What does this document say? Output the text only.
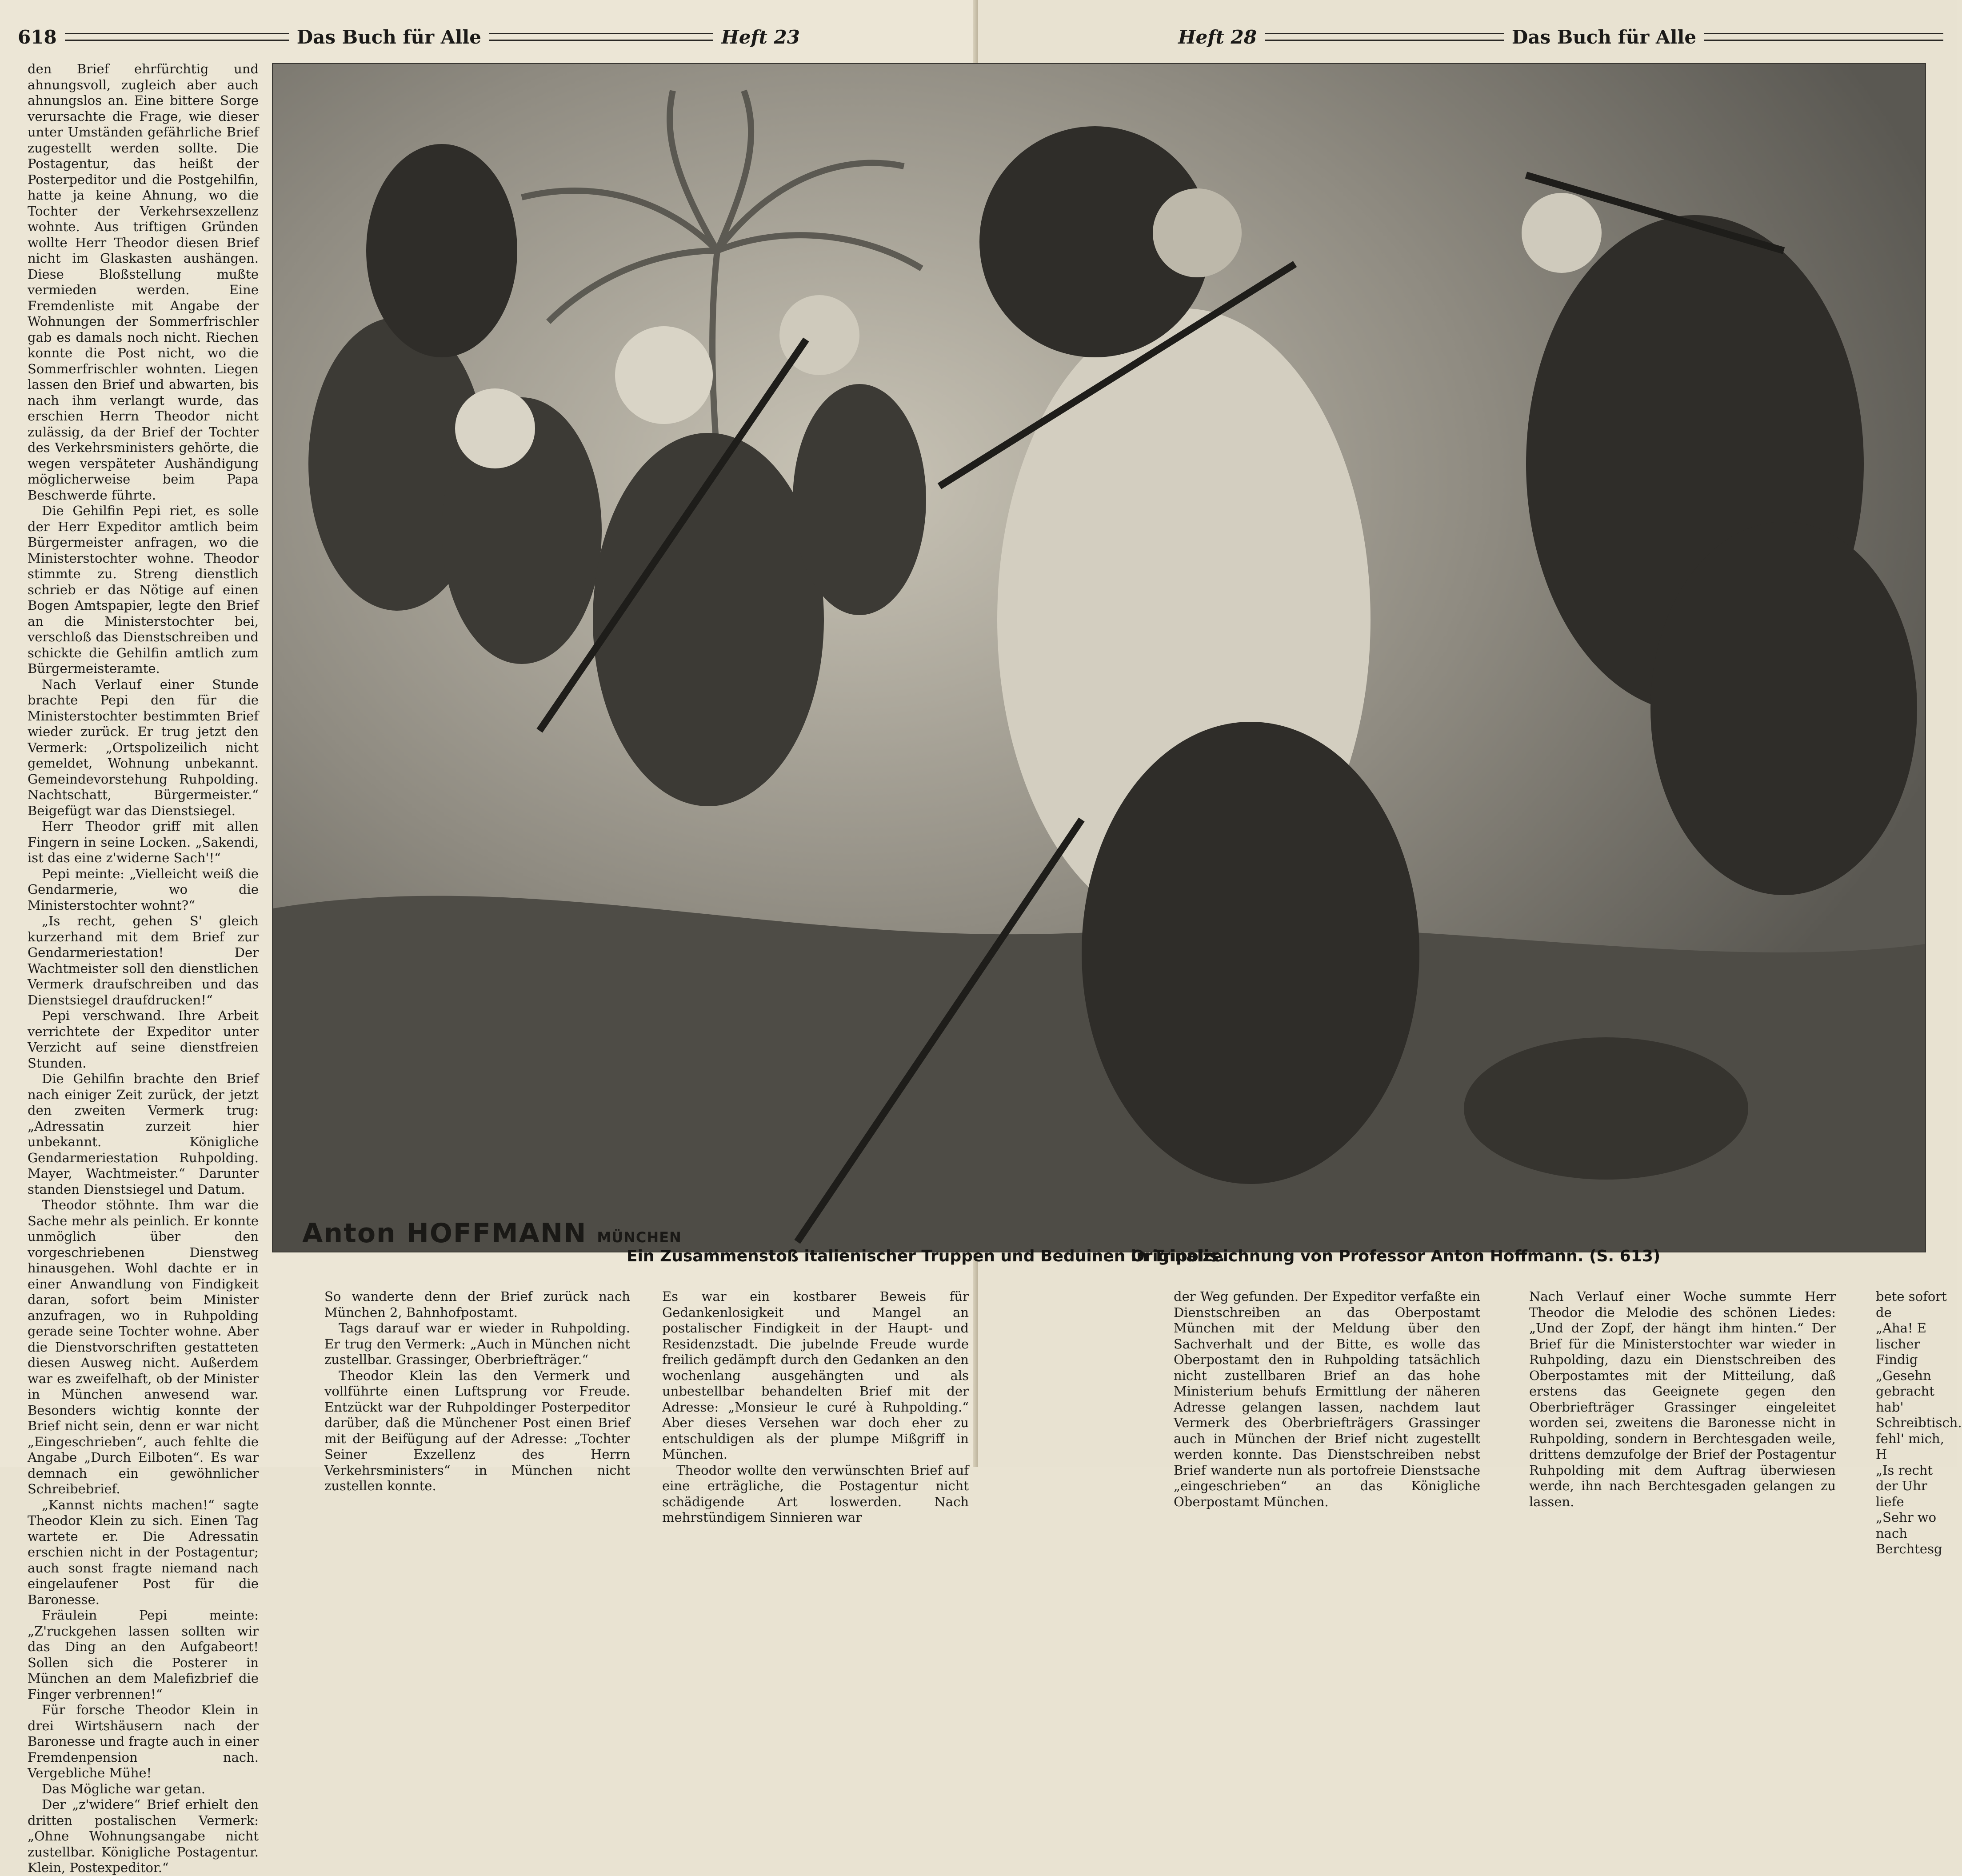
618	Das Buch für Alle	Heft 23

den Brief ehrfürchtig und ahnungsvoll, zugleich aber auch ahnungslos an. Eine bittere Sorge verursachte die Frage, wie dieser unter Umständen gefährliche Brief zugestellt werden sollte. Die Postagentur, das heißt der Posterpeditor und die Postgehilfin, hatte ja keine Ahnung, wo die Tochter der Verkehrsexzellenz wohnte. Aus triftigen Gründen wollte Herr Theodor diesen Brief nicht im Glaskasten aushängen. Diese Bloßstellung mußte vermieden werden. Eine Fremdenliste mit Angabe der Wohnungen der Sommerfrischler gab es damals noch nicht. Riechen konnte die Post nicht, wo die Sommerfrischler wohnten. Liegen lassen den Brief und abwarten, bis nach ihm verlangt wurde, das erschien Herrn Theodor nicht zulässig, da der Brief der Tochter des Verkehrsministers gehörte, die wegen verspäteter Aushändigung möglicherweise beim Papa Beschwerde führte.

Die Gehilfin Pepi riet, es solle der Herr Expeditor amtlich beim Bürgermeister anfragen, wo die Ministerstochter wohne. Theodor stimmte zu. Streng dienstlich schrieb er das Nötige auf einen Bogen Amtspapier, legte den Brief an die Ministerstochter bei, verschloß das Dienstschreiben und schickte die Gehilfin amtlich zum Bürgermeisteramte.

Nach Verlauf einer Stunde brachte Pepi den für die Ministerstochter bestimmten Brief wieder zurück. Er trug jetzt den Vermerk: „Ortspolizeilich nicht gemeldet, Wohnung unbekannt. Gemeindevorstehung Ruhpolding. Nachtschatt, Bürgermeister.“ Beigefügt war das Dienstsiegel.

Herr Theodor griff mit allen Fingern in seine Locken. „Sakendi, ist das eine z'widerne Sach'!“

Pepi meinte: „Vielleicht weiß die Gendarmerie, wo die Ministerstochter wohnt?“

„Is recht, gehen S' gleich kurzerhand mit dem Brief zur Gendarmeriestation! Der Wachtmeister soll den dienstlichen Vermerk draufschreiben und das Dienstsiegel draufdrucken!“

Pepi verschwand. Ihre Arbeit verrichtete der Expeditor unter Verzicht auf seine dienstfreien Stunden.

Die Gehilfin brachte den Brief nach einiger Zeit zurück, der jetzt den zweiten Vermerk trug: „Adressatin zurzeit hier unbekannt. Königliche Gendarmeriestation Ruhpolding. Mayer, Wachtmeister.“ Darunter standen Dienstsiegel und Datum.

Theodor stöhnte. Ihm war die Sache mehr als peinlich. Er konnte unmöglich über den vorgeschriebenen Dienstweg hinausgehen. Wohl dachte er in einer Anwandlung von Findigkeit daran, sofort beim Minister anzufragen, wo in Ruhpolding gerade seine Tochter wohne. Aber die Dienstvorschriften gestatteten diesen Ausweg nicht. Außerdem war es zweifelhaft, ob der Minister in München anwesend war. Besonders wichtig konnte der Brief nicht sein, denn er war nicht „Eingeschrieben“, auch fehlte die Angabe „Durch Eilboten“. Es war demnach ein gewöhnlicher Schreibebrief.

„Kannst nichts machen!“ sagte Theodor Klein zu sich. Einen Tag wartete er. Die Adressatin erschien nicht in der Postagentur; auch sonst fragte niemand nach eingelaufener Post für die Baronesse.

Fräulein Pepi meinte: „Z'ruckgehen lassen sollten wir das Ding an den Aufgabeort! Sollen sich die Posterer in München an dem Malefizbrief die Finger verbrennen!“

Für forsche Theodor Klein in drei Wirtshäusern nach der Baronesse und fragte auch in einer Fremdenpension nach. Vergebliche Mühe!

Das Mögliche war getan.

Der „z'widere“ Brief erhielt den dritten postalischen Vermerk: „Ohne Wohnungsangabe nicht zustellbar. Königliche Postagentur. Klein, Postexpeditor.“

So wanderte denn der Brief zurück nach München 2, Bahnhofpostamt.

Tags darauf war er wieder in Ruhpolding. Er trug den Vermerk: „Auch in München nicht zustellbar. Grassinger, Oberbriefträger.“

Theodor Klein las den Vermerk und vollführte einen Luftsprung vor Freude. Entzückt war der Ruhpoldinger Posterpeditor darüber, daß die Münchener Post einen Brief mit der Beifügung auf der Adresse: „Tochter Seiner Exzellenz des Herrn Verkehrsministers“ in München nicht zustellen konnte.

Es war ein kostbarer Beweis für Gedankenlosigkeit und Mangel an postalischer Findigkeit in der Haupt- und Residenzstadt. Die jubelnde Freude wurde freilich gedämpft durch den Gedanken an den wochenlang ausgehängten und als unbestellbar behandelten Brief mit der Adresse: „Monsieur le curé à Ruhpolding.“ Aber dieses Versehen war doch eher zu entschuldigen als der plumpe Mißgriff in München.

Theodor wollte den verwünschten Brief auf eine erträgliche, die Postagentur nicht schädigende Art loswerden. Nach mehrstündigem Sinnieren war

Heft 28	Das Buch für Alle

der Weg gefunden. Der Expeditor verfaßte ein Dienstschreiben an das Oberpostamt München mit der Meldung über den Sachverhalt und der Bitte, es wolle das Oberpostamt den in Ruhpolding tatsächlich nicht zustellbaren Brief an das hohe Ministerium behufs Ermittlung der näheren Adresse gelangen lassen, nachdem laut Vermerk des Oberbriefträgers Grassinger auch in München der Brief nicht zugestellt werden konnte. Das Dienstschreiben nebst Brief wanderte nun als portofreie Dienstsache „eingeschrieben“ an das Königliche Oberpostamt München.

Nach Verlauf einer Woche summte Herr Theodor die Melodie des schönen Liedes: „Und der Zopf, der hängt ihm hinten.“ Der Brief für die Ministerstochter war wieder in Ruhpolding, dazu ein Dienstschreiben des Oberpostamtes mit der Mitteilung, daß erstens das Geeignete gegen den Oberbriefträger Grassinger eingeleitet worden sei, zweitens die Baronesse nicht in Ruhpolding, sondern in Berchtesgaden weile, drittens demzufolge der Brief der Postagentur Ruhpolding mit dem Auftrag überwiesen werde, ihn nach Berchtesgaden gelangen zu lassen.

bete sofort de

„Aha! E

lischer Findig

„Gesehn

gebracht hab'

Schreibtisch.

fehl' mich, H

„Is recht

der Uhr liefe

„Sehr wo

nach Berchtesg

Anton HOFFMANN MÜNCHEN
Ein Zusammenstoß italienischer Truppen und Beduinen in Tripolis.
Originalzeichnung von Professor Anton Hoffmann. (S. 613)
